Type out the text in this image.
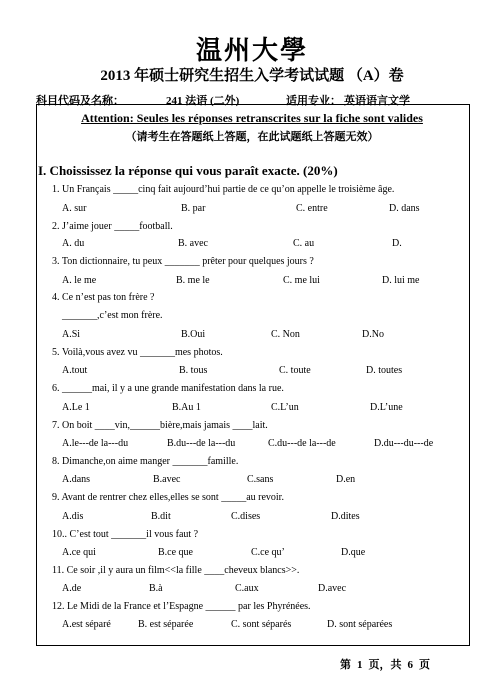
温州大學
2013 年硕士研究生招生入学考试试题 （A）卷
科目代码及名称：	241 法语 (二外)	适用专业： 英语语言文学
Attention: Seules les réponses retranscrites sur la fiche sont valides
（请考生在答题纸上答题，在此试题纸上答题无效）
I. Choississez la réponse qui vous paraît exacte. (20%)
1. Un Français _____cinq fait aujourd’hui partie de ce qu’on appelle le troisième âge.
A. sur	B. par	C. entre	D. dans
2. J’aime jouer _____football.
A. du	B. avec	C. au	D.
3. Ton dictionnaire, tu peux _______ prêter pour quelques jours ?
A. le me	B. me le	C. me lui	D. lui me
4. Ce n’est pas ton frère ?
_______,c’est mon frère.
A.Si	B.Oui	C. Non	D.No
5. Voilà,vous avez vu _______mes photos.
A.tout	B. tous	C. toute	D. toutes
6. ______mai, il y a une grande manifestation dans la rue.
A.Le 1	B.Au 1	C.L’un	D.L’une
7. On boit ____vin,______bière,mais jamais ____lait.
A.le---de la---du	B.du---de la---du	C.du---de la---de	D.du---du---de
8. Dimanche,on aime manger _______famille.
A.dans	B.avec	C.sans	D.en
9. Avant de rentrer chez elles,elles se sont _____au revoir.
A.dis	B.dit	C.dises	D.dites
10.. C’est tout _______il vous faut ?
A.ce qui	B.ce que	C.ce qu’	D.que
11. Ce soir ,il y aura un film<<la fille ____cheveux blancs>>.
A.de	B.à	C.aux	D.avec
12. Le Midi de la France et l’Espagne ______ par les Phyrénées.
A.est séparé	B. est séparée	C. sont séparés	D. sont séparées
第 1 页，共 6 页
